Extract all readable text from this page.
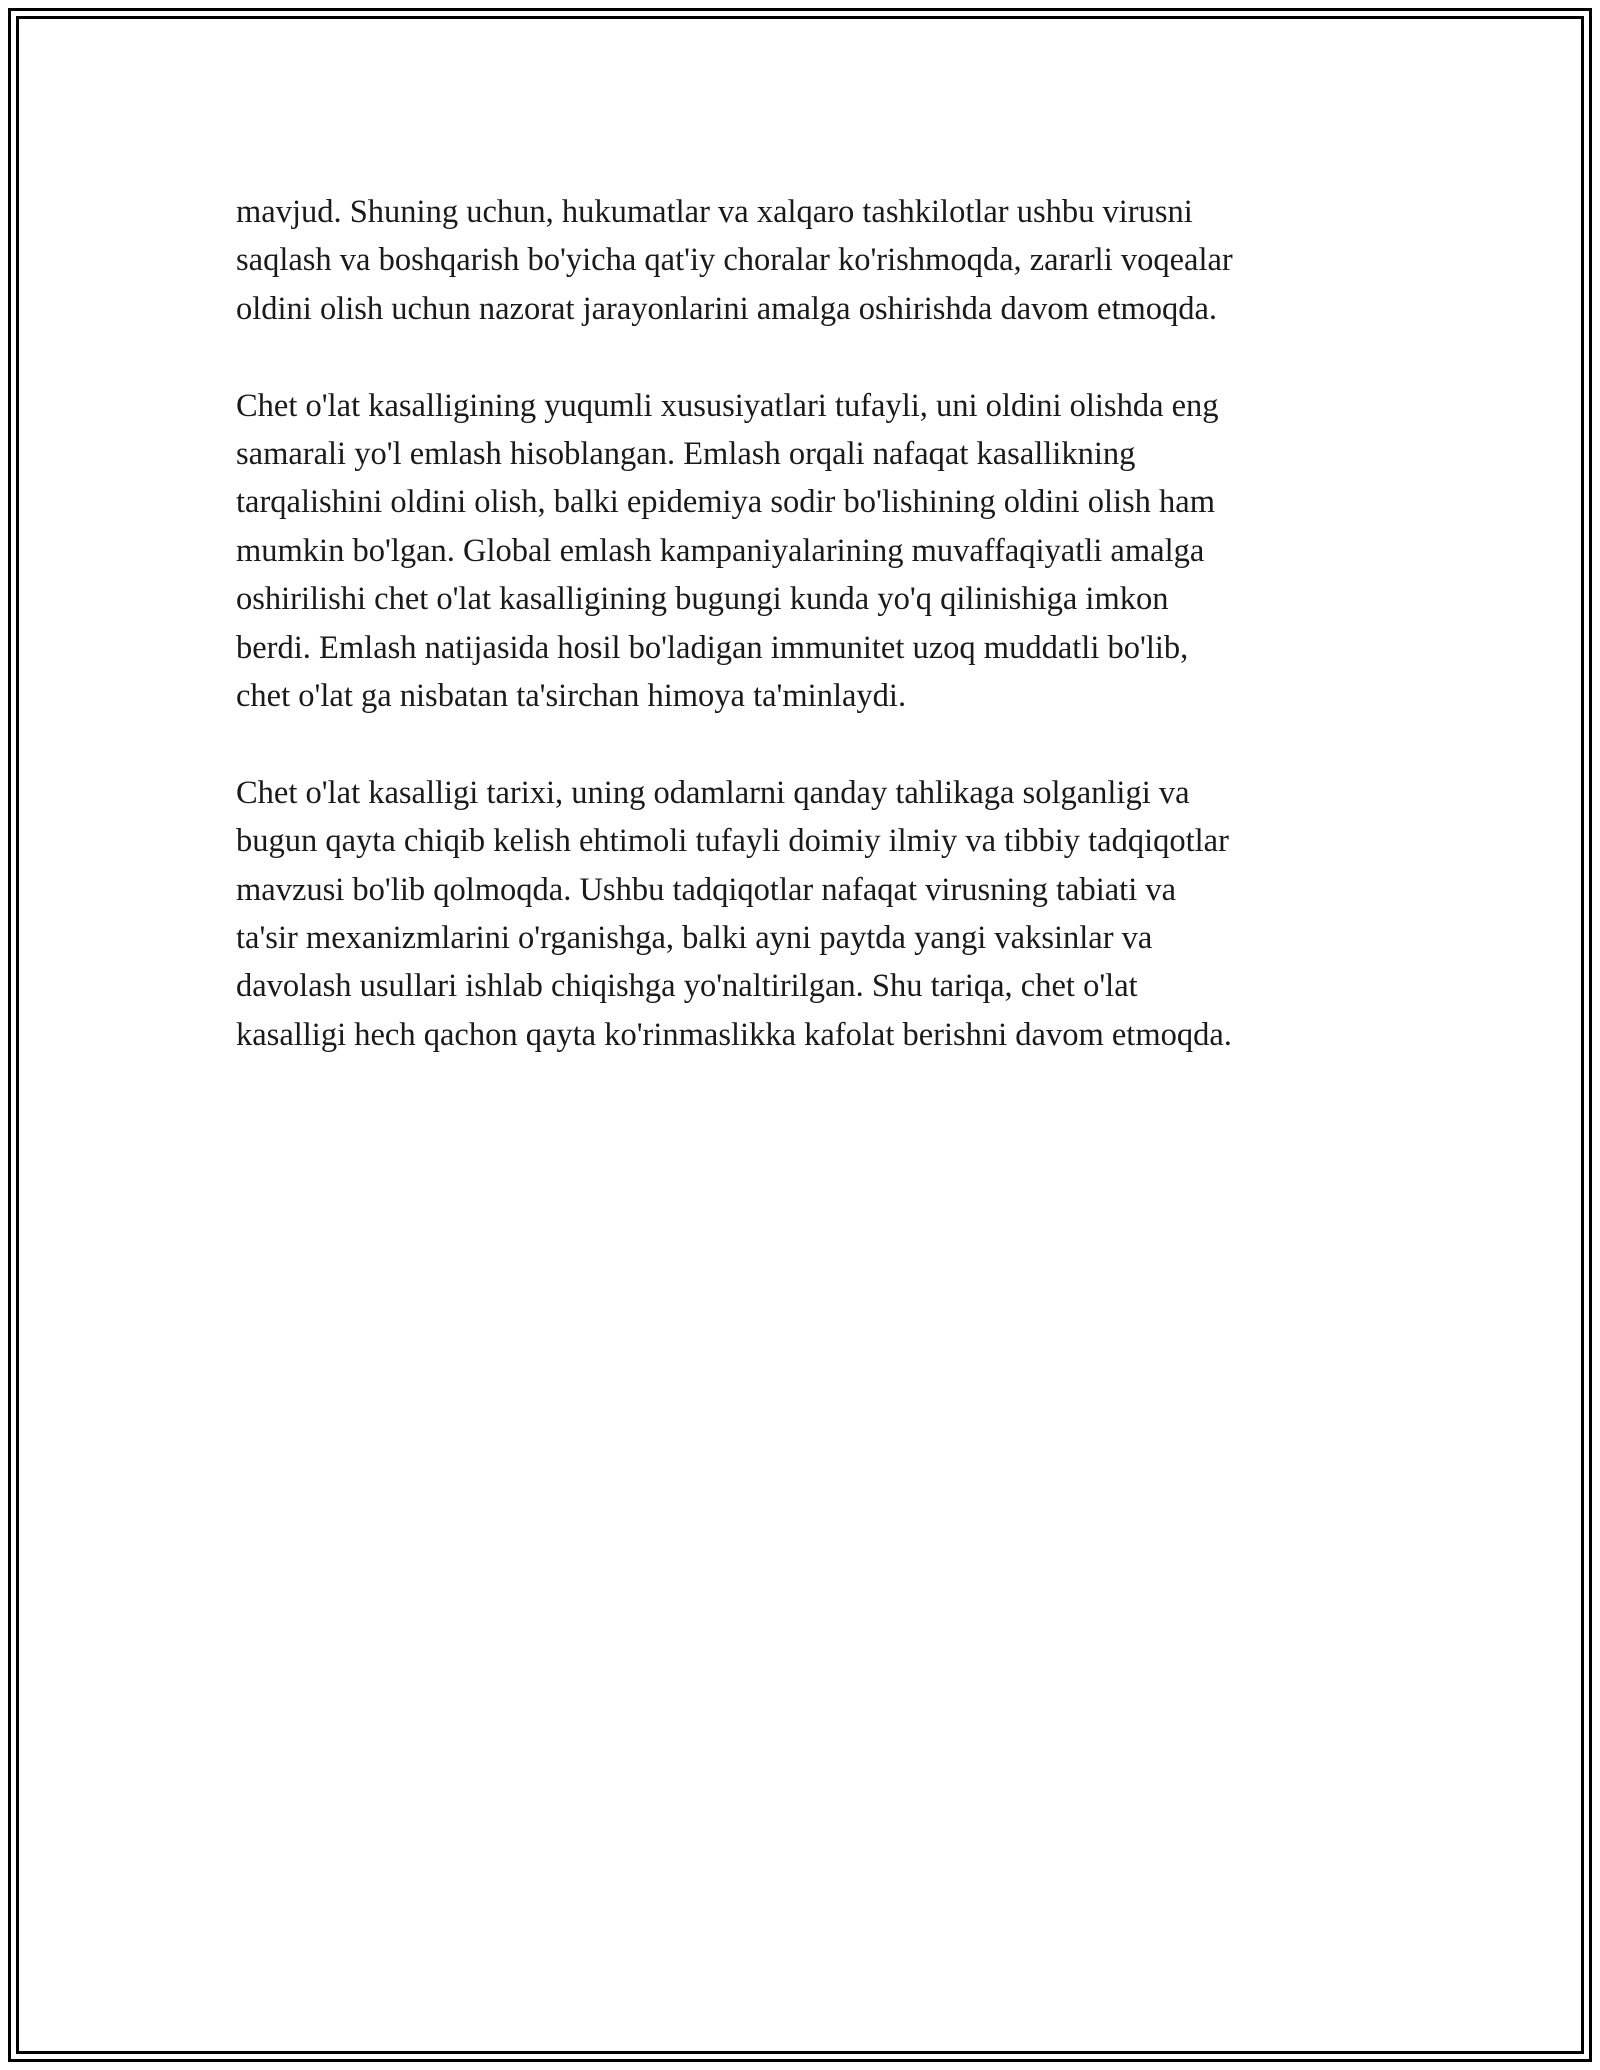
mavjud. Shuning uchun, hukumatlar va xalqaro tashkilotlar ushbu virusni
saqlash va boshqarish bo'yicha qat'iy choralar ko'rishmoqda, zararli voqealar
oldini olish uchun nazorat jarayonlarini amalga oshirishda davom etmoqda.

Chet o'lat kasalligining yuqumli xususiyatlari tufayli, uni oldini olishda eng
samarali yo'l emlash hisoblangan. Emlash orqali nafaqat kasallikning
tarqalishini oldini olish, balki epidemiya sodir bo'lishining oldini olish ham
mumkin bo'lgan. Global emlash kampaniyalarining muvaffaqiyatli amalga
oshirilishi chet o'lat kasalligining bugungi kunda yo'q qilinishiga imkon
berdi. Emlash natijasida hosil bo'ladigan immunitet uzoq muddatli bo'lib,
chet o'lat ga nisbatan ta'sirchan himoya ta'minlaydi.

Chet o'lat kasalligi tarixi, uning odamlarni qanday tahlikaga solganligi va
bugun qayta chiqib kelish ehtimoli tufayli doimiy ilmiy va tibbiy tadqiqotlar
mavzusi bo'lib qolmoqda. Ushbu tadqiqotlar nafaqat virusning tabiati va
ta'sir mexanizmlarini o'rganishga, balki ayni paytda yangi vaksinlar va
davolash usullari ishlab chiqishga yo'naltirilgan. Shu tariqa, chet o'lat
kasalligi hech qachon qayta ko'rinmaslikka kafolat berishni davom etmoqda.
